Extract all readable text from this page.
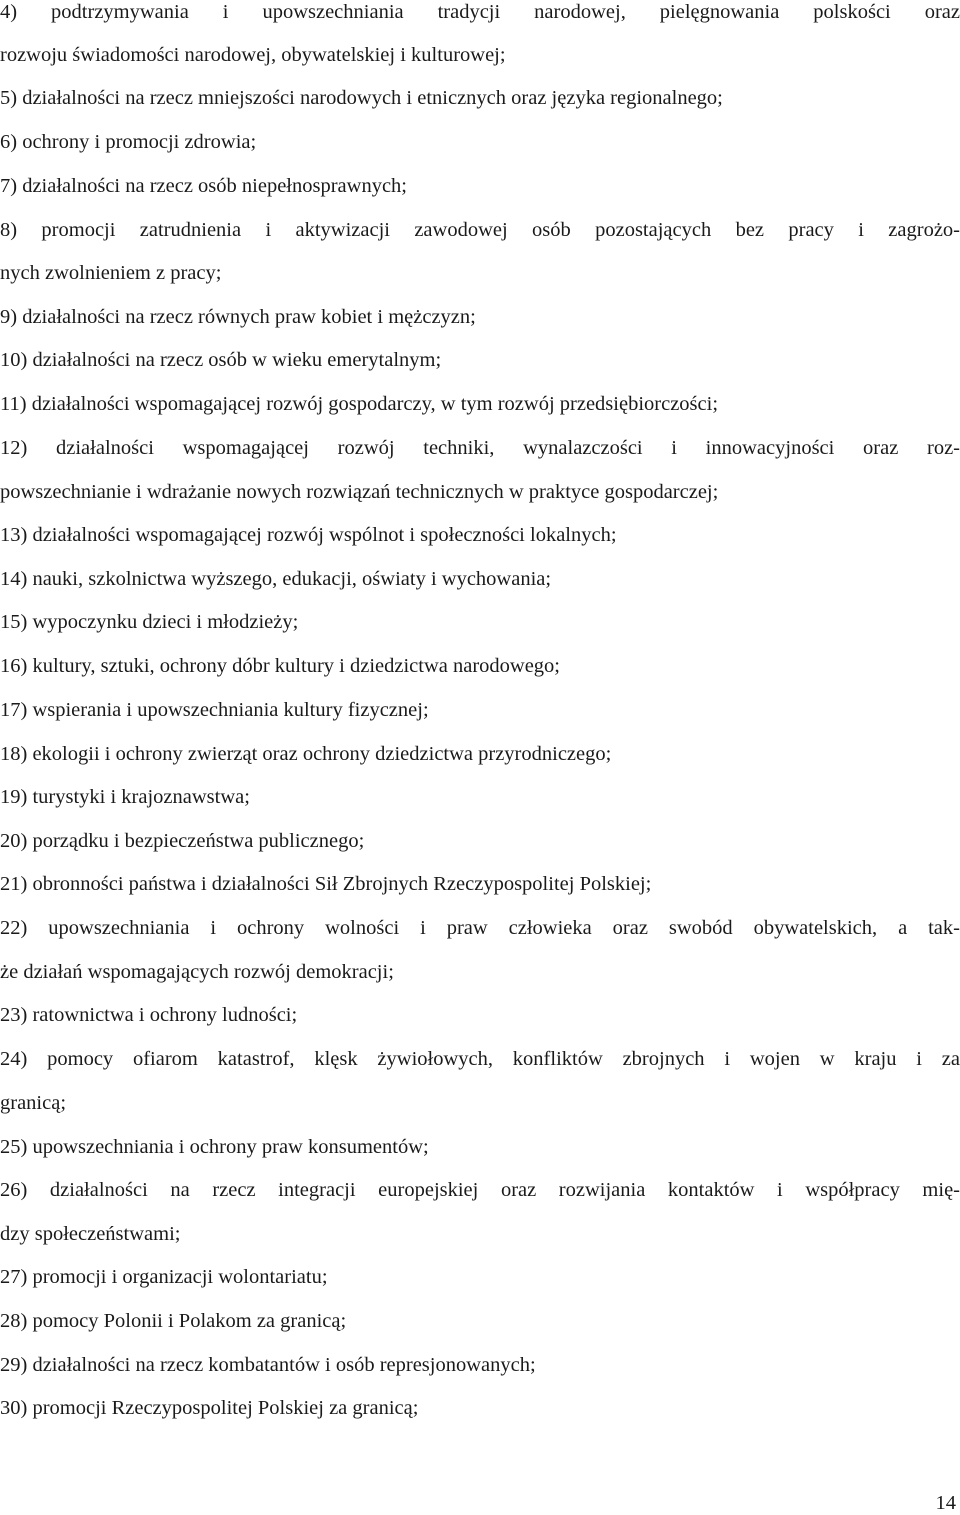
4) podtrzymywania i upowszechniania tradycji narodowej, pielęgnowania polskości oraz
rozwoju świadomości narodowej, obywatelskiej i kulturowej;
5) działalności na rzecz mniejszości narodowych i etnicznych oraz języka regionalnego;
6) ochrony i promocji zdrowia;
7) działalności na rzecz osób niepełnosprawnych;
8) promocji zatrudnienia i aktywizacji zawodowej osób pozostających bez pracy i zagrożo-
nych zwolnieniem z pracy;
9) działalności na rzecz równych praw kobiet i mężczyzn;
10) działalności na rzecz osób w wieku emerytalnym;
11) działalności wspomagającej rozwój gospodarczy, w tym rozwój przedsiębiorczości;
12) działalności wspomagającej rozwój techniki, wynalazczości i innowacyjności oraz roz-
powszechnianie i wdrażanie nowych rozwiązań technicznych w praktyce gospodarczej;
13) działalności wspomagającej rozwój wspólnot i społeczności lokalnych;
14) nauki, szkolnictwa wyższego, edukacji, oświaty i wychowania;
15) wypoczynku dzieci i młodzieży;
16) kultury, sztuki, ochrony dóbr kultury i dziedzictwa narodowego;
17) wspierania i upowszechniania kultury fizycznej;
18) ekologii i ochrony zwierząt oraz ochrony dziedzictwa przyrodniczego;
19) turystyki i krajoznawstwa;
20) porządku i bezpieczeństwa publicznego;
21) obronności państwa i działalności Sił Zbrojnych Rzeczypospolitej Polskiej;
22) upowszechniania i ochrony wolności i praw człowieka oraz swobód obywatelskich, a tak-
że działań wspomagających rozwój demokracji;
23) ratownictwa i ochrony ludności;
24) pomocy ofiarom katastrof, klęsk żywiołowych, konfliktów zbrojnych i wojen w kraju i za
granicą;
25) upowszechniania i ochrony praw konsumentów;
26) działalności na rzecz integracji europejskiej oraz rozwijania kontaktów i współpracy mię-
dzy społeczeństwami;
27) promocji i organizacji wolontariatu;
28) pomocy Polonii i Polakom za granicą;
29) działalności na rzecz kombatantów i osób represjonowanych;
30) promocji Rzeczypospolitej Polskiej za granicą;
14
